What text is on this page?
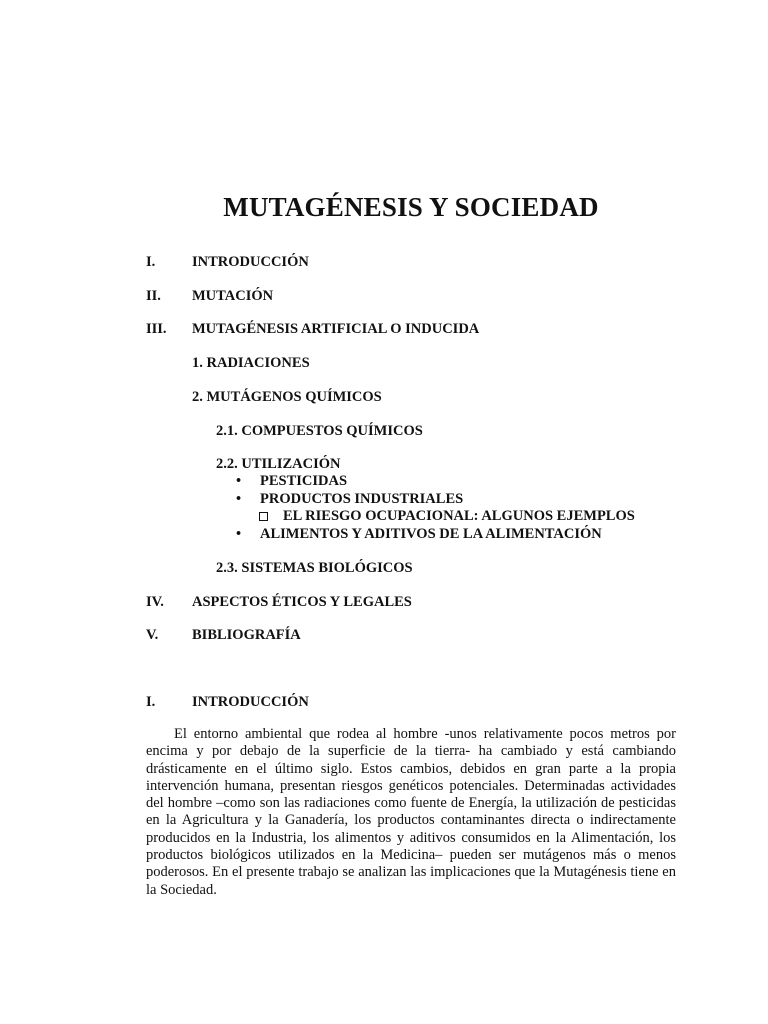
MUTAGÉNESIS Y SOCIEDAD
I.	INTRODUCCIÓN
II. MUTACIÓN
III. MUTAGÉNESIS ARTIFICIAL O INDUCIDA
1. RADIACIONES
2. MUTÁGENOS QUÍMICOS
2.1. COMPUESTOS QUÍMICOS
2.2. UTILIZACIÓN
• PESTICIDAS
• PRODUCTOS INDUSTRIALES
EL RIESGO OCUPACIONAL: ALGUNOS EJEMPLOS
• ALIMENTOS Y ADITIVOS DE LA ALIMENTACIÓN
2.3. SISTEMAS BIOLÓGICOS
IV. ASPECTOS ÉTICOS Y LEGALES
V. BIBLIOGRAFÍA
I.	INTRODUCCIÓN
El entorno ambiental que rodea al hombre -unos relativamente pocos metros por encima y por debajo de la superficie de la tierra- ha cambiado y está cambiando drásticamente en el último siglo. Estos cambios, debidos en gran parte a la propia intervención humana, presentan riesgos genéticos potenciales. Determinadas actividades del hombre –como son las radiaciones como fuente de Energía, la utilización de pesticidas en la Agricultura y la Ganadería, los productos contaminantes directa o indirectamente producidos en la Industria, los alimentos y aditivos consumidos en la Alimentación, los productos biológicos utilizados en la Medicina– pueden ser mutágenos más o menos poderosos. En el presente trabajo se analizan las implicaciones que la Mutagénesis tiene en la Sociedad.
